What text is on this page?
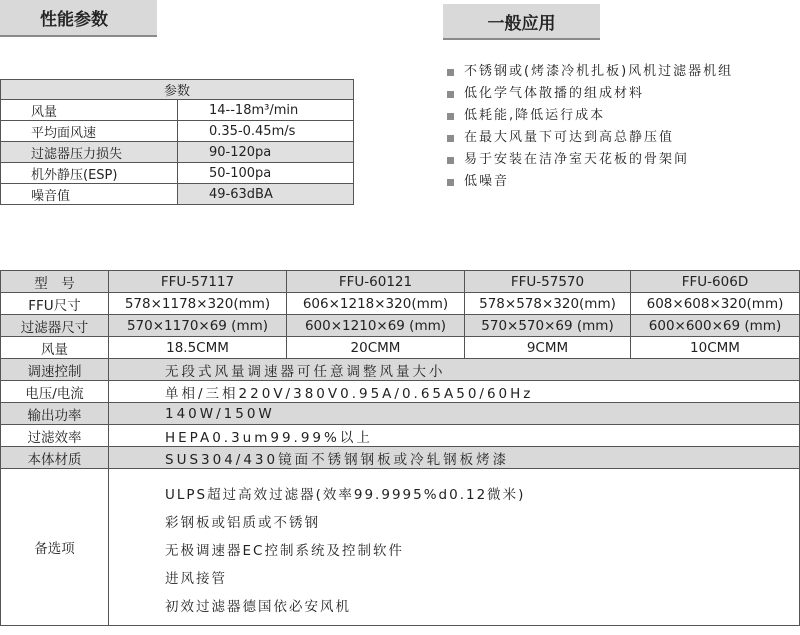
性能参数	一般应用
参数	
风量	14--18m³/min
平均面风速	0.35-0.45m/s
过滤器压力损失	90-120pa
机外静压(ESP)	50-100pa
噪音值	49-63dBA
不锈钢或(烤漆冷机扎板)风机过滤器机组
低化学气体散播的组成材料
低耗能,降低运行成本
在最大风量下可达到高总静压值
易于安装在洁净室天花板的骨架间
低噪音
型　号	FFU-57117	FFU-60121	FFU-57570	FFU-606D
FFU尺寸	578×1178×320(mm)	606×1218×320(mm)	578×578×320(mm)	608×608×320(mm)
过滤器尺寸	570×1170×69 (mm)	600×1210×69 (mm)	570×570×69 (mm)	600×600×69 (mm)
风量	18.5CMM	20CMM	9CMM	10CMM
调速控制	无段式风量调速器可任意调整风量大小			
电压/电流	单相/三相220V/380V0.95A/0.65A50/60Hz			
输出功率	140W/150W			
过滤效率	HEPA0.3um99.99%以上			
本体材质	SUS304/430镜面不锈钢钢板或冷轧钢板烤漆			
备选项	ULPS超过高效过滤器(效率99.9995%d0.12微米)
彩钢板或铝质或不锈钢
无极调速器EC控制系统及控制软件
进风接管
初效过滤器德国依必安风机			
